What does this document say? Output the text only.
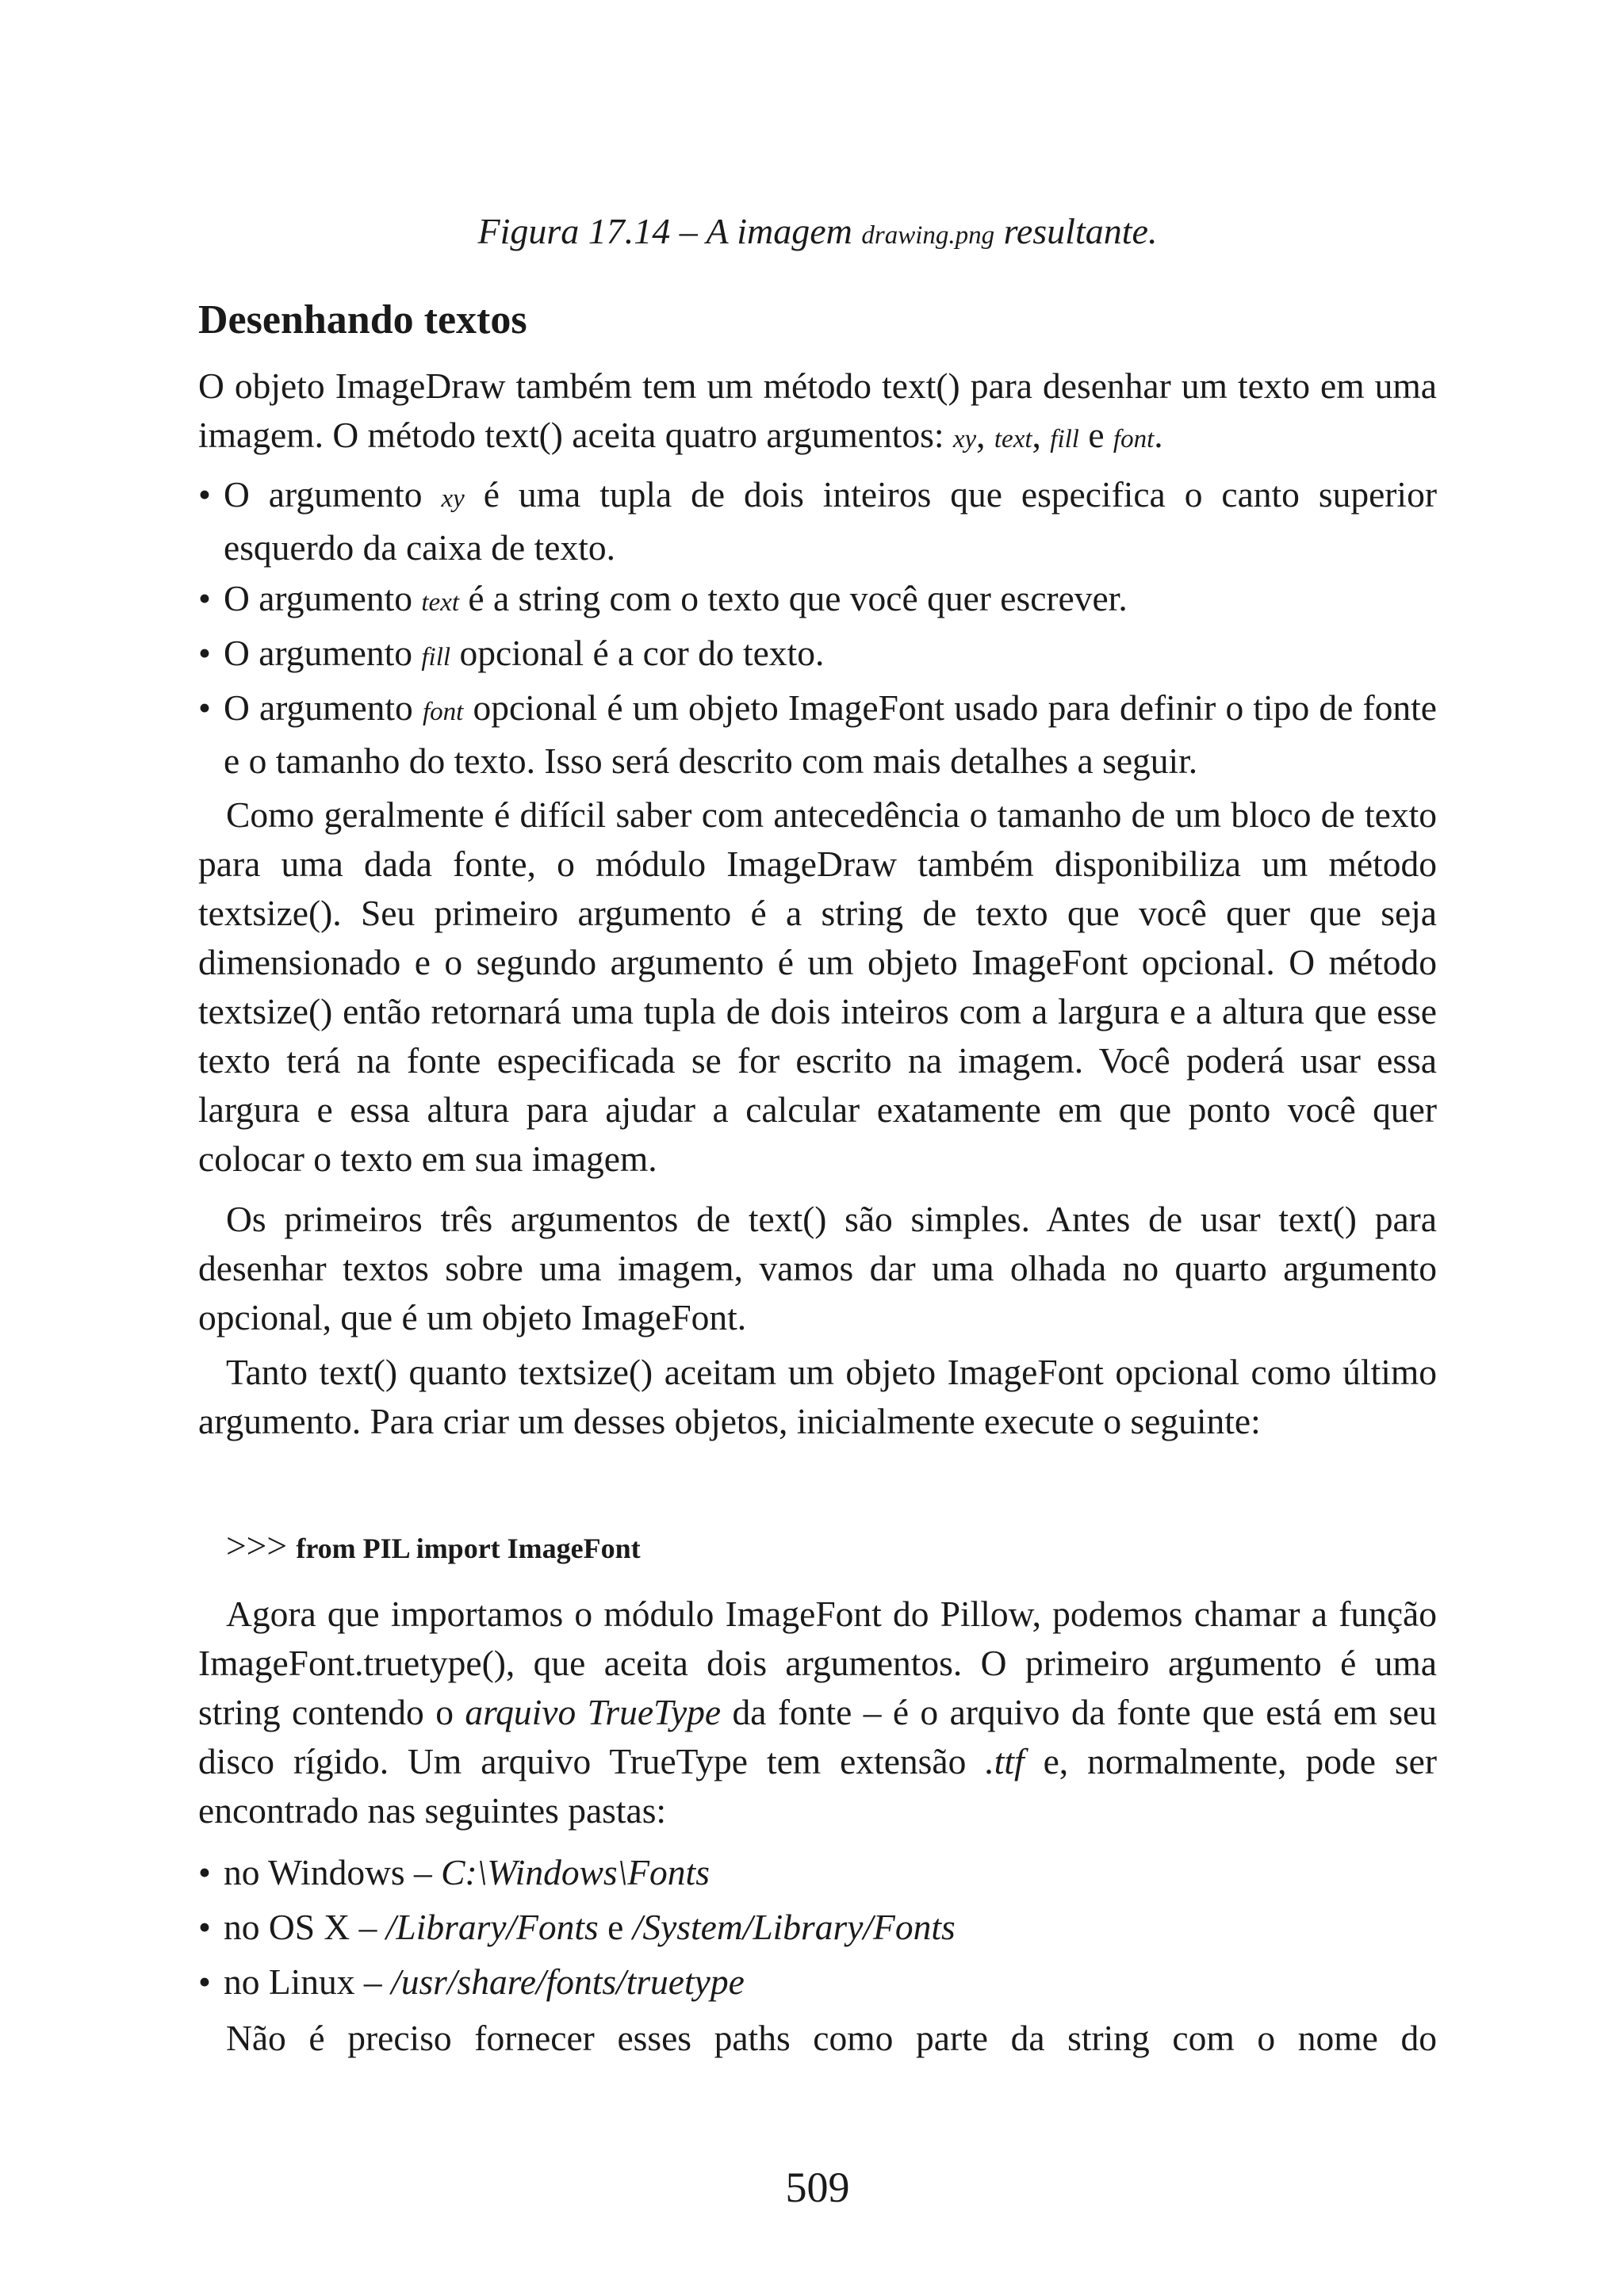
Figura 17.14 – A imagem drawing.png resultante.
Desenhando textos
O objeto ImageDraw também tem um método text() para desenhar um texto em uma imagem. O método text() aceita quatro argumentos: xy, text, fill e font.
• O argumento xy é uma tupla de dois inteiros que especifica o canto superior esquerdo da caixa de texto.
• O argumento text é a string com o texto que você quer escrever.
• O argumento fill opcional é a cor do texto.
• O argumento font opcional é um objeto ImageFont usado para definir o tipo de fonte e o tamanho do texto. Isso será descrito com mais detalhes a seguir.
Como geralmente é difícil saber com antecedência o tamanho de um bloco de texto para uma dada fonte, o módulo ImageDraw também disponibiliza um método textsize(). Seu primeiro argumento é a string de texto que você quer que seja dimensionado e o segundo argumento é um objeto ImageFont opcional. O método textsize() então retornará uma tupla de dois inteiros com a largura e a altura que esse texto terá na fonte especificada se for escrito na imagem. Você poderá usar essa largura e essa altura para ajudar a calcular exatamente em que ponto você quer colocar o texto em sua imagem.
Os primeiros três argumentos de text() são simples. Antes de usar text() para desenhar textos sobre uma imagem, vamos dar uma olhada no quarto argumento opcional, que é um objeto ImageFont.
Tanto text() quanto textsize() aceitam um objeto ImageFont opcional como último argumento. Para criar um desses objetos, inicialmente execute o seguinte:
>>> from PIL import ImageFont
Agora que importamos o módulo ImageFont do Pillow, podemos chamar a função ImageFont.truetype(), que aceita dois argumentos. O primeiro argumento é uma string contendo o arquivo TrueType da fonte – é o arquivo da fonte que está em seu disco rígido. Um arquivo TrueType tem extensão .ttf e, normalmente, pode ser encontrado nas seguintes pastas:
• no Windows – C:\Windows\Fonts
• no OS X – /Library/Fonts e /System/Library/Fonts
• no Linux – /usr/share/fonts/truetype
Não é preciso fornecer esses paths como parte da string com o nome do
509
